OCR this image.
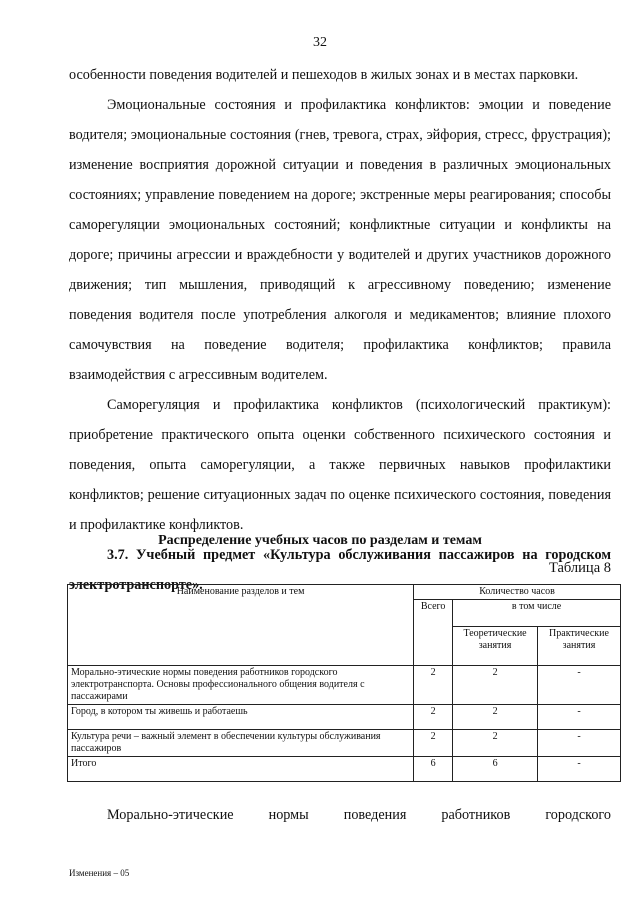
32

особенности поведения водителей и пешеходов в жилых зонах и в местах парковки.

Эмоциональные состояния и профилактика конфликтов: эмоции и поведение водителя; эмоциональные состояния (гнев, тревога, страх, эйфория, стресс, фрустрация); изменение восприятия дорожной ситуации и поведения в различных эмоциональных состояниях; управление поведением на дороге; экстренные меры реагирования; способы саморегуляции эмоциональных состояний; конфликтные ситуации и конфликты на дороге; причины агрессии и враждебности у водителей и других участников дорожного движения; тип мышления, приводящий к агрессивному поведению; изменение поведения водителя после употребления алкоголя и медикаментов; влияние плохого самочувствия на поведение водителя; профилактика конфликтов; правила взаимодействия с агрессивным водителем.

Саморегуляция и профилактика конфликтов (психологический практикум): приобретение практического опыта оценки собственного психического состояния и поведения, опыта саморегуляции, а также первичных навыков профилактики конфликтов; решение ситуационных задач по оценке психического состояния, поведения и профилактике конфликтов.

3.7. Учебный предмет «Культура обслуживания пассажиров на городском электротранспорте».

Распределение учебных часов по разделам и темам
Таблица 8
Наименование разделов и тем	Количество часов		
	Всего	в том числе	
		Теоретические занятия	Практические занятия
Морально-этические нормы поведения работников городского электротранспорта. Основы профессионального общения водителя с пассажирами	2	2	-
Город, в котором ты живешь и работаешь	2	2	-
Культура речи – важный элемент в обеспечении культуры обслуживания пассажиров	2	2	-
Итого	6	6	-
Морально-этические нормы поведения работников городского
Изменения – 05
